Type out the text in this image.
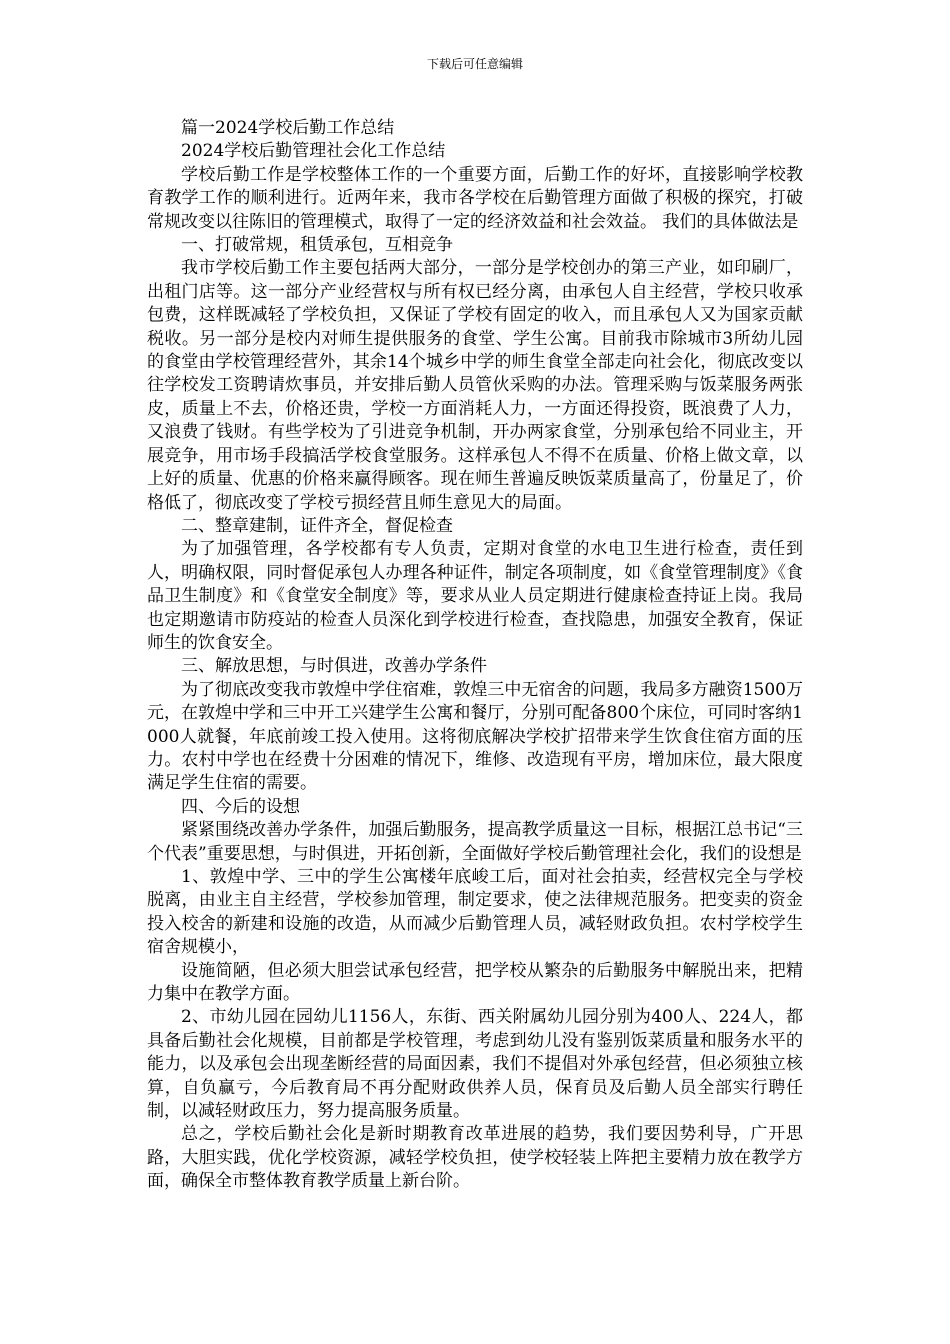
下载后可任意编辑

篇一2024学校后勤工作总结

2024学校后勤管理社会化工作总结

学校后勤工作是学校整体工作的一个重要方面，后勤工作的好坏，直接影响学校教育教学工作的顺利进行。近两年来，我市各学校在后勤管理方面做了积极的探究，打破常规改变以往陈旧的管理模式，取得了一定的经济效益和社会效益。 我们的具体做法是

一、打破常规，租赁承包，互相竞争

我市学校后勤工作主要包括两大部分，一部分是学校创办的第三产业，如印刷厂，出租门店等。这一部分产业经营权与所有权已经分离，由承包人自主经营，学校只收承包费，这样既减轻了学校负担，又保证了学校有固定的收入，而且承包人又为国家贡献税收。另一部分是校内对师生提供服务的食堂、学生公寓。目前我市除城市3所幼儿园的食堂由学校管理经营外，其余14个城乡中学的师生食堂全部走向社会化，彻底改变以往学校发工资聘请炊事员，并安排后勤人员管伙采购的办法。管理采购与饭菜服务两张皮，质量上不去，价格还贵，学校一方面消耗人力，一方面还得投资，既浪费了人力，又浪费了钱财。有些学校为了引进竞争机制，开办两家食堂，分别承包给不同业主，开展竞争，用市场手段搞活学校食堂服务。这样承包人不得不在质量、价格上做文章，以上好的质量、优惠的价格来赢得顾客。现在师生普遍反映饭菜质量高了，份量足了，价格低了，彻底改变了学校亏损经营且师生意见大的局面。

二、整章建制，证件齐全，督促检查

为了加强管理，各学校都有专人负责，定期对食堂的水电卫生进行检查，责任到人，明确权限，同时督促承包人办理各种证件，制定各项制度，如《食堂管理制度》《食品卫生制度》和《食堂安全制度》等，要求从业人员定期进行健康检查持证上岗。我局也定期邀请市防疫站的检查人员深化到学校进行检查，查找隐患，加强安全教育，保证师生的饮食安全。

三、解放思想，与时俱进，改善办学条件

为了彻底改变我市敦煌中学住宿难，敦煌三中无宿舍的问题，我局多方融资1500万元，在敦煌中学和三中开工兴建学生公寓和餐厅，分别可配备800个床位，可同时客纳1000人就餐，年底前竣工投入使用。这将彻底解决学校扩招带来学生饮食住宿方面的压力。农村中学也在经费十分困难的情况下，维修、改造现有平房，增加床位，最大限度满足学生住宿的需要。

四、今后的设想

紧紧围绕改善办学条件，加强后勤服务，提高教学质量这一目标，根据江总书记“三个代表”重要思想，与时俱进，开拓创新，全面做好学校后勤管理社会化，我们的设想是

1、敦煌中学、三中的学生公寓楼年底峻工后，面对社会拍卖，经营权完全与学校脱离，由业主自主经营，学校参加管理，制定要求，使之法律规范服务。把变卖的资金投入校舍的新建和设施的改造，从而减少后勤管理人员，减轻财政负担。农村学校学生宿舍规模小，

设施简陋，但必须大胆尝试承包经营，把学校从繁杂的后勤服务中解脱出来，把精力集中在教学方面。

2、市幼儿园在园幼儿1156人，东街、西关附属幼儿园分别为400人、224人，都具备后勤社会化规模，目前都是学校管理，考虑到幼儿没有鉴别饭菜质量和服务水平的能力，以及承包会出现垄断经营的局面因素，我们不提倡对外承包经营，但必须独立核算，自负赢亏，今后教育局不再分配财政供养人员，保育员及后勤人员全部实行聘任制，以减轻财政压力，努力提高服务质量。

总之，学校后勤社会化是新时期教育改革进展的趋势，我们要因势利导，广开思路，大胆实践，优化学校资源，减轻学校负担，使学校轻装上阵把主要精力放在教学方面，确保全市整体教育教学质量上新台阶。
